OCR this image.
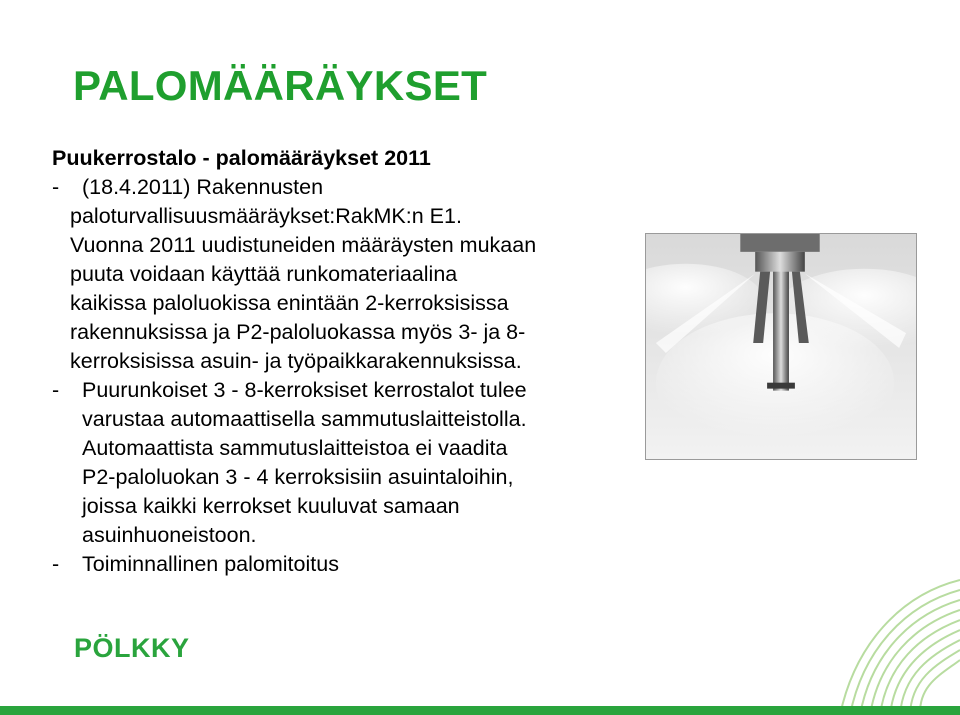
PALOMÄÄRÄYKSET
Puukerrostalo - palomääräykset 2011
- (18.4.2011) Rakennusten
paloturvallisuusmääräykset:RakMK:n E1.
Vuonna 2011 uudistuneiden määräysten mukaan
puuta voidaan käyttää runkomateriaalina
kaikissa paloluokissa enintään 2-kerroksisissa
rakennuksissa ja P2-paloluokassa myös 3- ja 8-
kerroksisissa asuin- ja työpaikkarakennuksissa.
- Puurunkoiset 3 - 8-kerroksiset kerrostalot tulee
varustaa automaattisella sammutuslaitteistolla.
Automaattista sammutuslaitteistoa ei vaadita
P2-paloluokan 3 - 4 kerroksisiin asuintaloihin,
joissa kaikki kerrokset kuuluvat samaan
asuinhuoneistoon.
- Toiminnallinen palomitoitus
PÖLKKY
